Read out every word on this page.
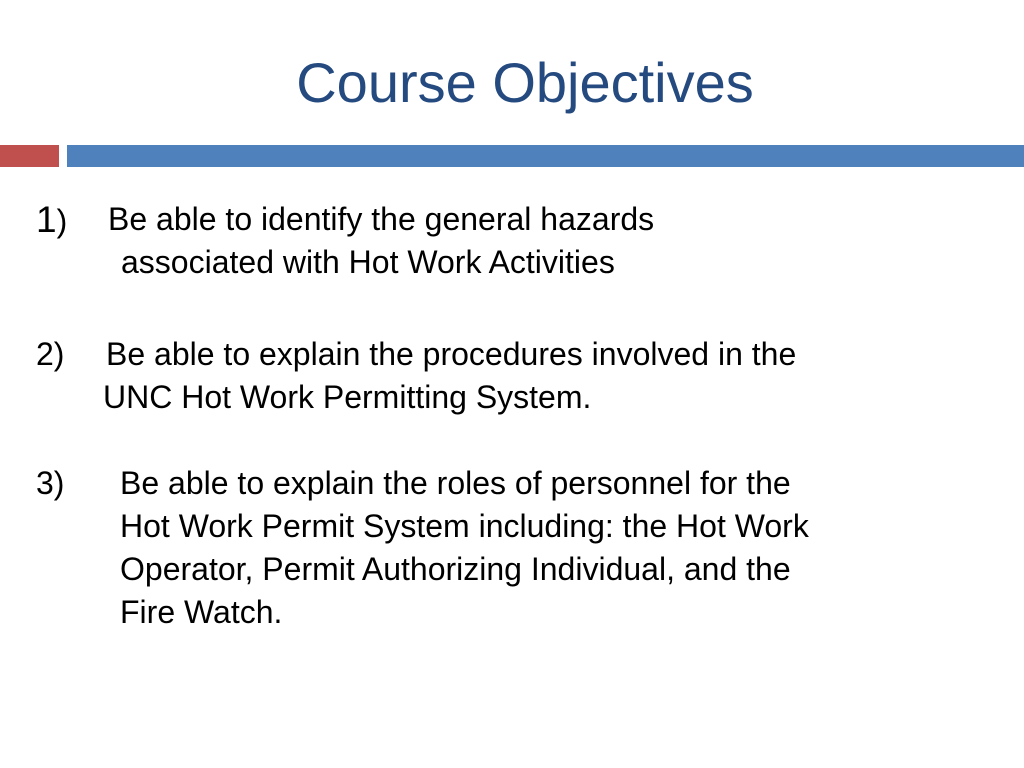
Course Objectives
1) Be able to identify the general hazards
associated with Hot Work Activities

2) Be able to explain the procedures involved in the
UNC Hot Work Permitting System.

3) Be able to explain the roles of personnel for the
Hot Work Permit System including: the Hot Work
Operator, Permit Authorizing Individual, and the
Fire Watch.
